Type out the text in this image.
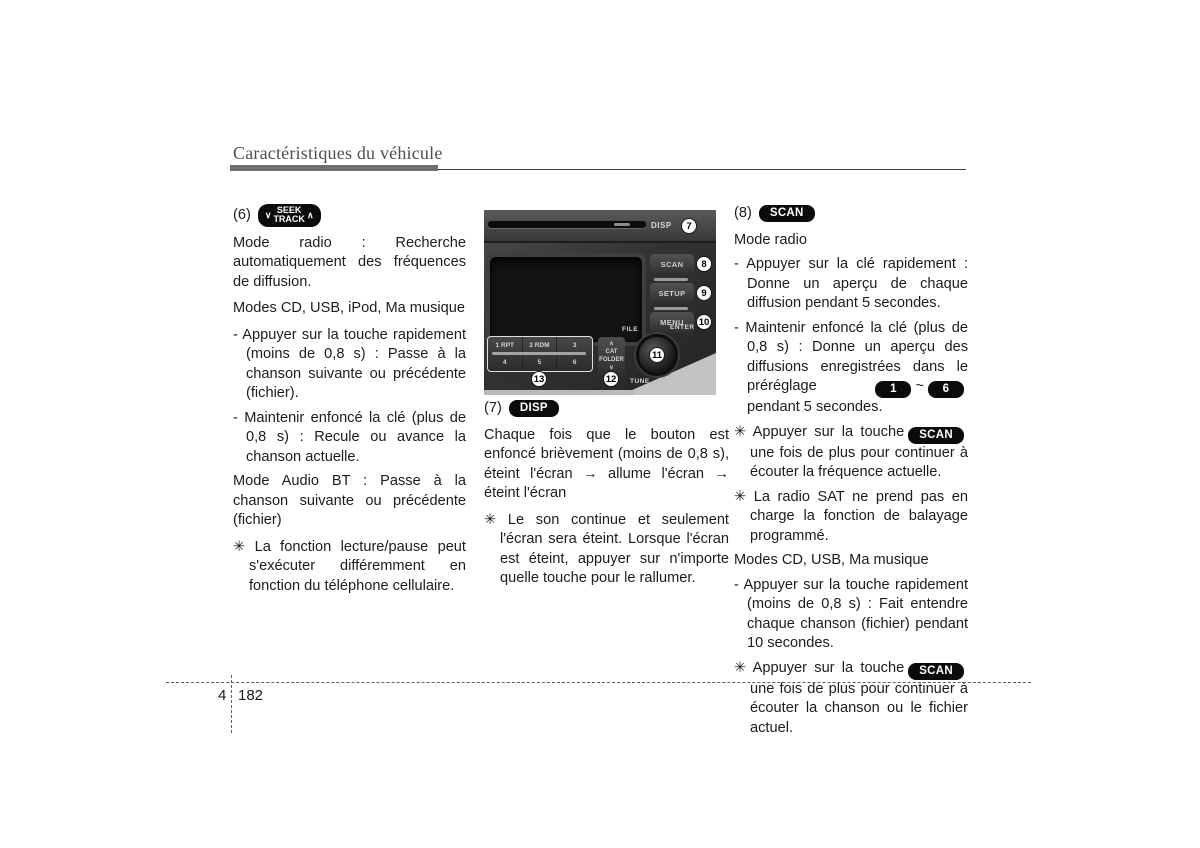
Caractéristiques du véhicule
(6) ∨ SEEK
TRACK ∧
Mode radio : Recherche automatiquement des fréquences de diffusion.
Modes CD, USB, iPod, Ma musique
- Appuyer sur la touche rapidement (moins de 0,8 s) : Passe à la chanson suivante ou précédente (fichier).
- Maintenir enfoncé la clé (plus de 0,8 s) : Recule ou avance la chanson actuelle.
Mode Audio BT : Passe à la chanson suivante ou précédente (fichier)
✳ La fonction lecture/pause peut s'exécuter différemment en fonction du téléphone cellulaire.
DISP	7
SCAN
SETUP
MENU
8
9
10
1 RPT	2 RDM	3
4	5	6
13
∧
CAT
FOLDER
∨
12
FILE	ENTER
TUNE
11
(7)	DISP
Chaque fois que le bouton est enfoncé brièvement (moins de 0,8 s), éteint l'écran → allume l'écran → éteint l'écran
✳ Le son continue et seulement l'écran sera éteint. Lorsque l'écran est éteint, appuyer sur n'importe quelle touche pour le rallumer.
(8)	SCAN
Mode radio
- Appuyer sur la clé rapidement : Donne un aperçu de chaque diffusion pendant 5 secondes.
- Maintenir enfoncé la clé (plus de 0,8 s) : Donne un aperçu des diffusions enregistrées dans le préréglage	1 ~ 6 pendant 5 secondes.
✳ Appuyer sur la touche SCANune fois de plus pour continuer à écouter la fréquence actuelle.
✳ La radio SAT ne prend pas en charge la fonction de balayage programmé.
Modes CD, USB, Ma musique
- Appuyer sur la touche rapidement (moins de 0,8 s) : Fait entendre chaque chanson (fichier) pendant 10 secondes.
✳ Appuyer sur la touche SCANune fois de plus pour continuer à écouter la chanson ou le fichier actuel.
4 182
